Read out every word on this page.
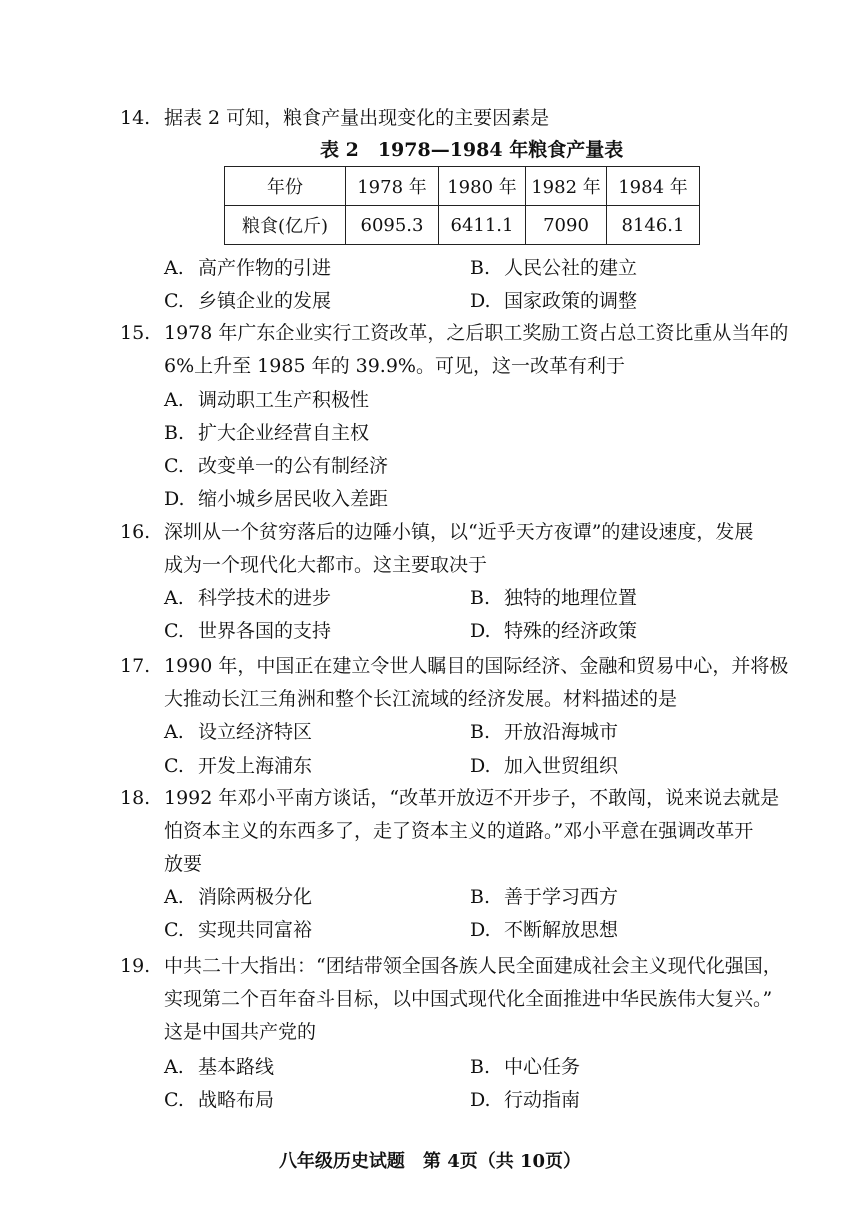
14. 据表 2 可知，粮食产量出现变化的主要因素是
表 2　1978—1984 年粮食产量表
年份	1978 年	1980 年	1982 年	1984 年
粮食(亿斤)	6095.3	6411.1	7090	8146.1
A. 高产作物的引进	B. 人民公社的建立
C. 乡镇企业的发展	D. 国家政策的调整
15. 1978 年广东企业实行工资改革，之后职工奖励工资占总工资比重从当年的
6%上升至 1985 年的 39.9%。可见，这一改革有利于
A. 调动职工生产积极性
B. 扩大企业经营自主权
C. 改变单一的公有制经济
D. 缩小城乡居民收入差距
16. 深圳从一个贫穷落后的边陲小镇，以“近乎天方夜谭”的建设速度，发展
成为一个现代化大都市。这主要取决于
A. 科学技术的进步	B. 独特的地理位置
C. 世界各国的支持	D. 特殊的经济政策
17. 1990 年，中国正在建立令世人瞩目的国际经济、金融和贸易中心，并将极
大推动长江三角洲和整个长江流域的经济发展。材料描述的是
A. 设立经济特区	B. 开放沿海城市
C. 开发上海浦东	D. 加入世贸组织
18. 1992 年邓小平南方谈话，“改革开放迈不开步子，不敢闯，说来说去就是
怕资本主义的东西多了，走了资本主义的道路。”邓小平意在强调改革开
放要
A. 消除两极分化	B. 善于学习西方
C. 实现共同富裕	D. 不断解放思想
19. 中共二十大指出：“团结带领全国各族人民全面建成社会主义现代化强国，
实现第二个百年奋斗目标，以中国式现代化全面推进中华民族伟大复兴。”
这是中国共产党的
A. 基本路线	B. 中心任务
C. 战略布局	D. 行动指南
八年级历史试题　第 4页（共 10页）
